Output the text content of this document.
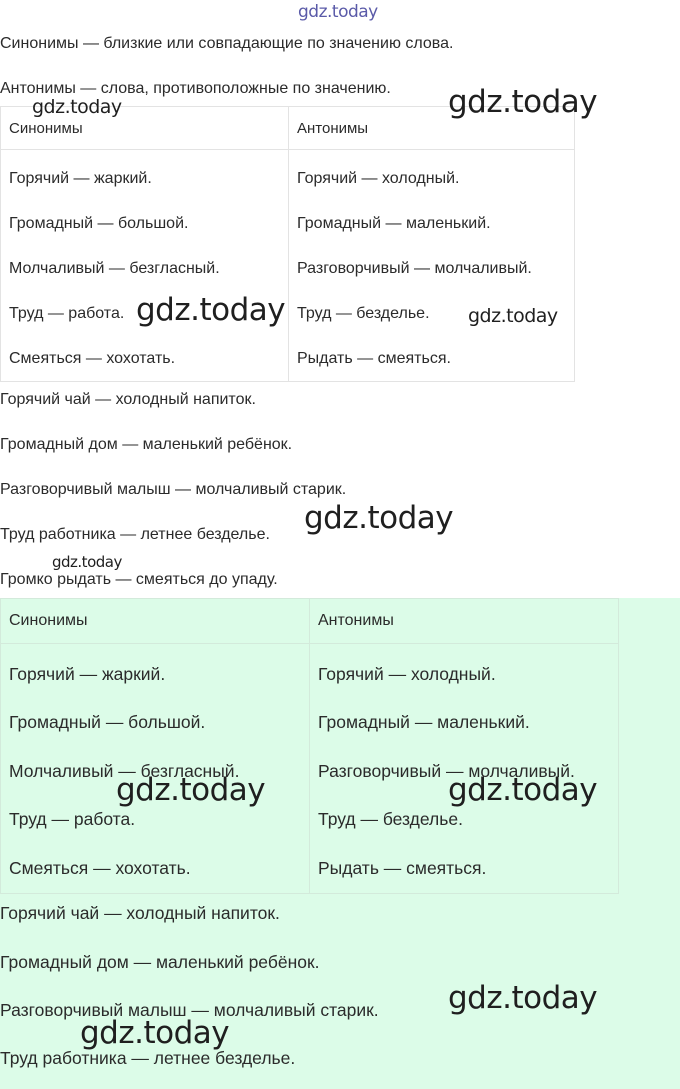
gdz.today
Синонимы — близкие или совпадающие по значению слова.
Антонимы — слова, противоположные по значению.
Синонимы	Антонимы
Горячий — жаркий.	Горячий — холодный.
Громадный — большой.	Громадный — маленький.
Молчаливый — безгласный.	Разговорчивый — молчаливый.
Труд — работа.	Труд — безделье.
Смеяться — хохотать.	Рыдать — смеяться.
Горячий чай — холодный напиток.
Громадный дом — маленький ребёнок.
Разговорчивый малыш — молчаливый старик.
Труд работника — летнее безделье.
Громко рыдать — смеяться до упаду.
Синонимы	Антонимы
Горячий — жаркий.	Горячий — холодный.
Громадный — большой.	Громадный — маленький.
Молчаливый — безгласный.	Разговорчивый — молчаливый.
Труд — работа.	Труд — безделье.
Смеяться — хохотать.	Рыдать — смеяться.
Горячий чай — холодный напиток.
Громадный дом — маленький ребёнок.
Разговорчивый малыш — молчаливый старик.
Труд работника — летнее безделье.
gdz.today	gdz.today
gdz.today	gdz.today
gdz.today
gdz.today
gdz.today	gdz.today
gdz.today
gdz.today
